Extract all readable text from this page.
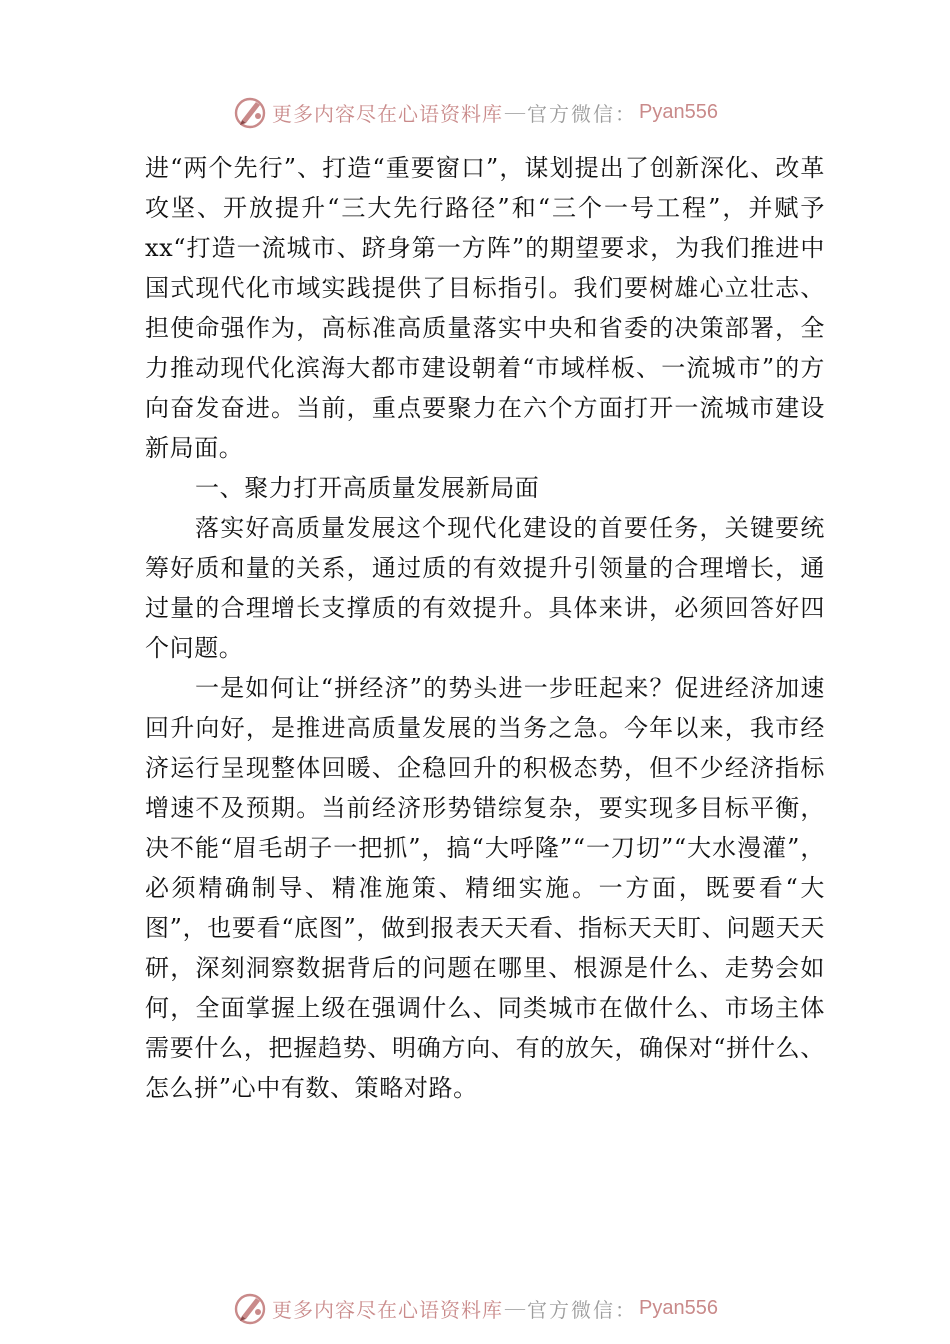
更多内容尽在心语资料库 — 官方微信： Pyan556

进“两个先行”、打造“重要窗口”，谋划提出了创新深化、改革攻坚、开放提升“三大先行路径”和“三个一号工程”，并赋予 xx“打造一流城市、跻身第一方阵”的期望要求，为我们推进中国式现代化市域实践提供了目标指引。我们要树雄心立壮志、担使命强作为，高标准高质量落实中央和省委的决策部署，全力推动现代化滨海大都市建设朝着“市域样板、一流城市”的方向奋发奋进。当前，重点要聚力在六个方面打开一流城市建设新局面。

一、聚力打开高质量发展新局面

落实好高质量发展这个现代化建设的首要任务，关键要统筹好质和量的关系，通过质的有效提升引领量的合理增长，通过量的合理增长支撑质的有效提升。具体来讲，必须回答好四个问题。

一是如何让“拼经济”的势头进一步旺起来？促进经济加速回升向好，是推进高质量发展的当务之急。今年以来，我市经济运行呈现整体回暖、企稳回升的积极态势，但不少经济指标增速不及预期。当前经济形势错综复杂，要实现多目标平衡，决不能“眉毛胡子一把抓”，搞“大呼隆”“一刀切”“大水漫灌”，必须精确制导、精准施策、精细实施。一方面，既要看“大图”，也要看“底图”，做到报表天天看、指标天天盯、问题天天研，深刻洞察数据背后的问题在哪里、根源是什么、走势会如何，全面掌握上级在强调什么、同类城市在做什么、市场主体需要什么，把握趋势、明确方向、有的放矢，确保对“拼什么、怎么拼”心中有数、策略对路。

更多内容尽在心语资料库 — 官方微信： Pyan556
